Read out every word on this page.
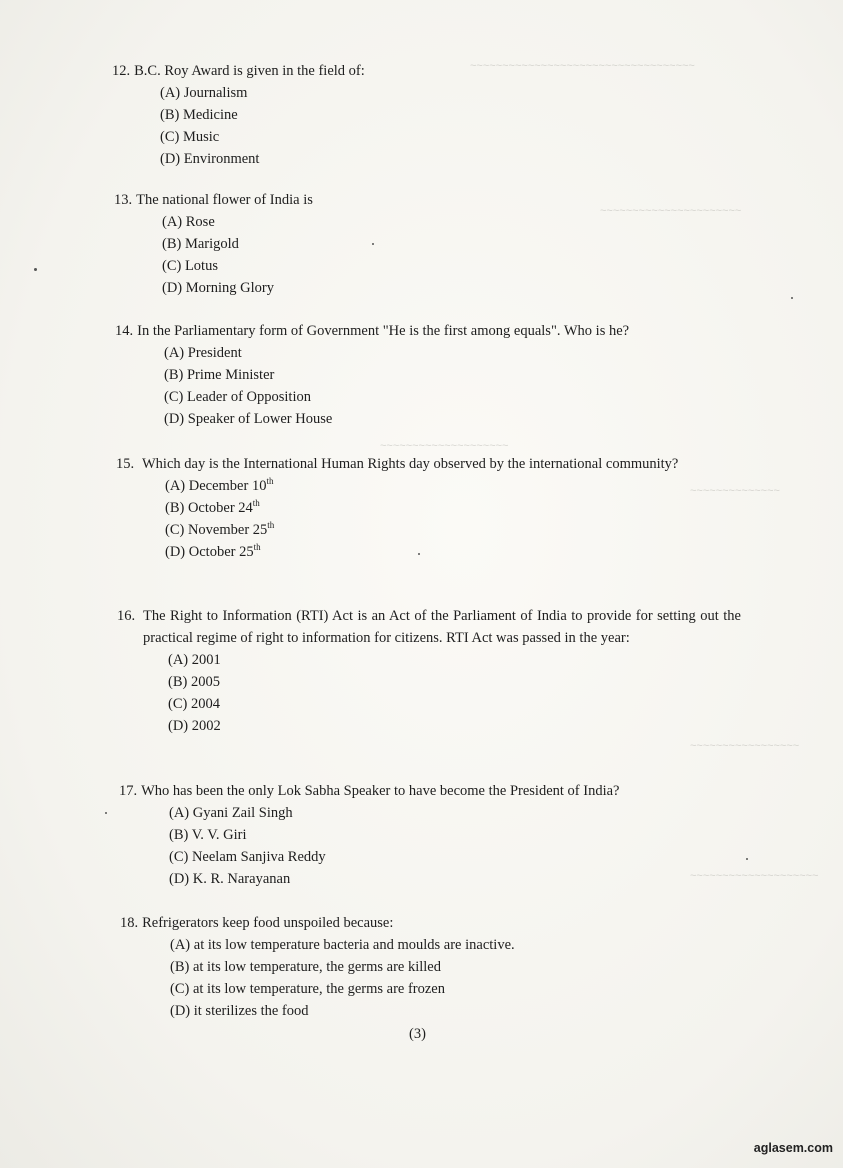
~~~~~~~~~~~~~~~~~~~~~~~~~~~~~~~~~~~
~~~~~~~~~~~~~~~~~~~~~~
~~~~~~~~~~~~~~~~~~~~
~~~~~~~~~~~~~~
~~~~~~~~~~~~~~~~~
~~~~~~~~~~~~~~~~~~~~

12. B.C. Roy Award is given in the field of:

(A) Journalism
(B) Medicine
(C) Music
(D) Environment

13. The national flower of India is

(A) Rose
(B) Marigold
(C) Lotus
(D) Morning Glory

14. In the Parliamentary form of Government "He is the first among equals". Who is he?

(A) President
(B) Prime Minister
(C) Leader of Opposition
(D) Speaker of Lower House
15. Which day is the International Human Rights day observed by the international community?
(A) December 10th
(B) October 24th
(C) November 25th
(D) October 25th
16. The Right to Information (RTI) Act is an Act of the Parliament of India to provide for setting out the practical regime of right to information for citizens. RTI Act was passed in the year:
(A) 2001
(B) 2005
(C) 2004
(D) 2002

17. Who has been the only Lok Sabha Speaker to have become the President of India?

(A) Gyani Zail Singh
(B) V. V. Giri
(C) Neelam Sanjiva Reddy
(D) K. R. Narayanan

18. Refrigerators keep food unspoiled because:

(A) at its low temperature bacteria and moulds are inactive.
(B) at its low temperature, the germs are killed
(C) at its low temperature, the germs are frozen
(D) it sterilizes the food
(3)
aglasem.com
